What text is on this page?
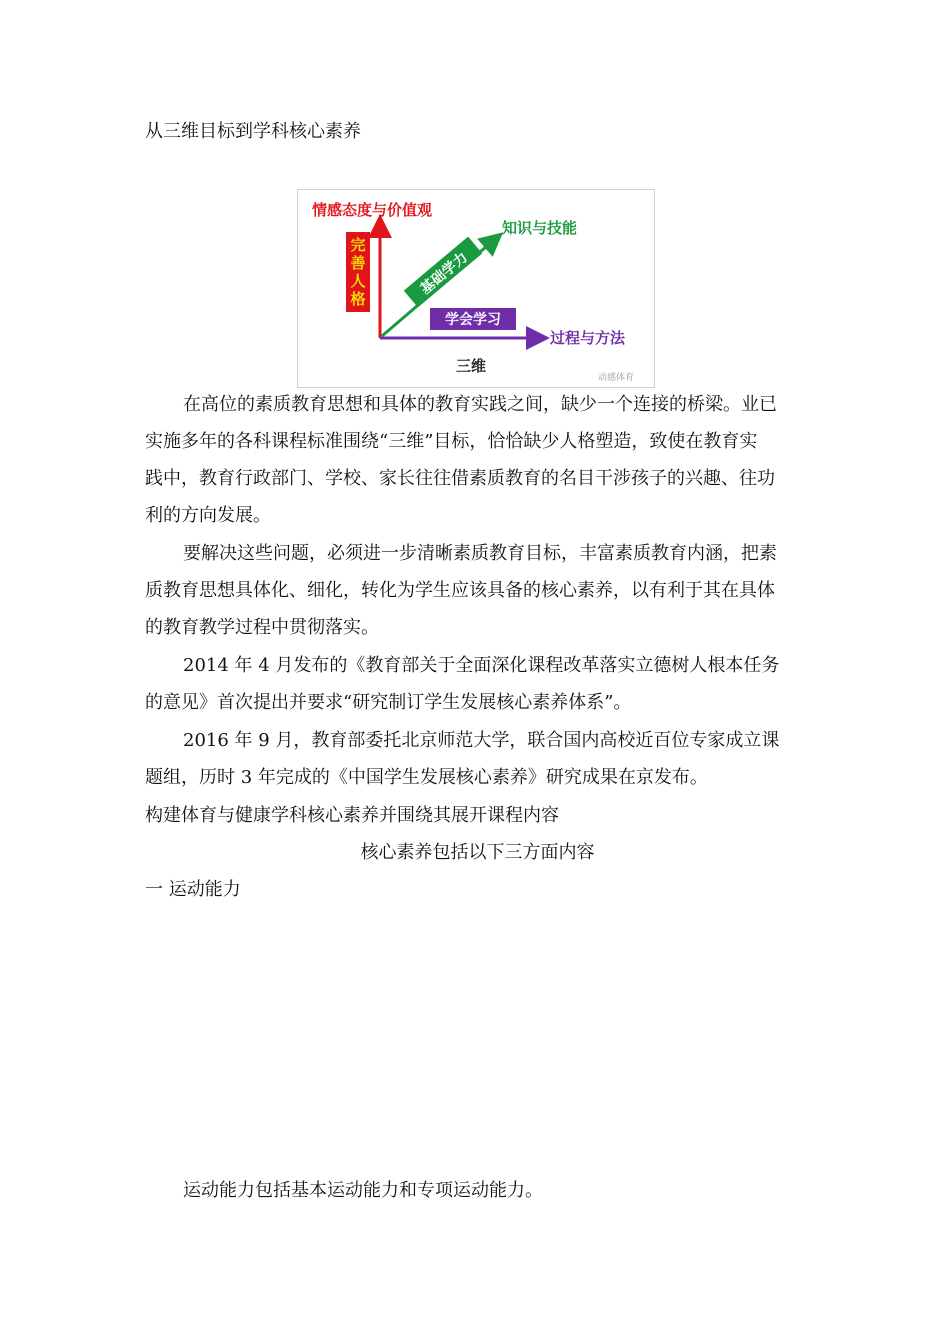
从三维目标到学科核心素养
情感态度与价值观
知识与技能
完
善
人
格
基础学力
学会学习
过程与方法
三维
动感体育
在高位的素质教育思想和具体的教育实践之间，缺少一个连接的桥梁。业已
实施多年的各科课程标准围绕“三维”目标，恰恰缺少人格塑造，致使在教育实
践中，教育行政部门、学校、家长往往借素质教育的名目干涉孩子的兴趣、往功
利的方向发展。
要解决这些问题，必须进一步清晰素质教育目标，丰富素质教育内涵，把素
质教育思想具体化、细化，转化为学生应该具备的核心素养，以有利于其在具体
的教育教学过程中贯彻落实。
2014 年 4 月发布的《教育部关于全面深化课程改革落实立德树人根本任务
的意见》首次提出并要求“研究制订学生发展核心素养体系”。
2016 年 9 月，教育部委托北京师范大学，联合国内高校近百位专家成立课
题组，历时 3 年完成的《中国学生发展核心素养》研究成果在京发布。
构建体育与健康学科核心素养并围绕其展开课程内容
核心素养包括以下三方面内容
一 运动能力
运动能力包括基本运动能力和专项运动能力。
